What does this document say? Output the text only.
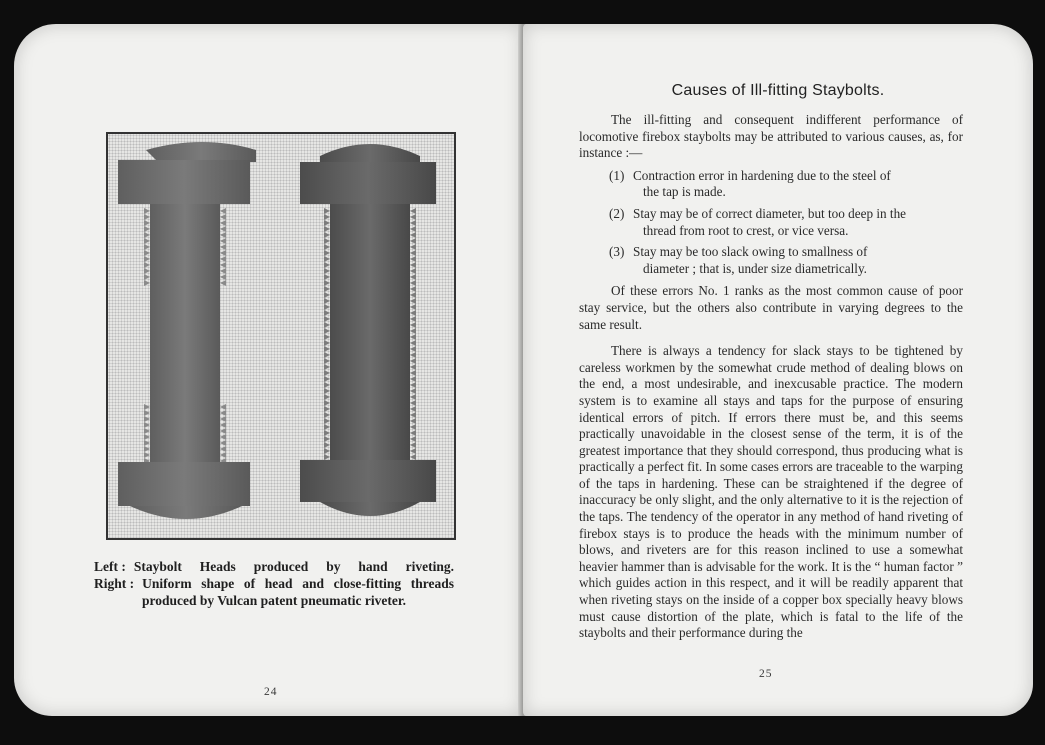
Left : Staybolt Heads produced by hand riveting.
Right : Uniform shape of head and close-fitting threads
produced by Vulcan patent pneumatic riveter.
24
Causes of Ill-fitting Staybolts.

The ill-fitting and consequent indifferent performance of locomotive firebox staybolts may be attributed to various causes, as, for instance :—

(1) Contraction error in hardening due to the steel of
the tap is made.
(2) Stay may be of correct diameter, but too deep in the
thread from root to crest, or vice versa.
(3) Stay may be too slack owing to smallness of
diameter ; that is, under size diametrically.

Of these errors No. 1 ranks as the most common cause of poor stay service, but the others also contribute in varying degrees to the same result.

There is always a tendency for slack stays to be tightened by careless workmen by the somewhat crude method of dealing blows on the end, a most undesirable, and inexcusable practice. The modern system is to examine all stays and taps for the purpose of ensuring identical errors of pitch. If errors there must be, and this seems practically unavoidable in the closest sense of the term, it is of the greatest importance that they should correspond, thus producing what is practically a perfect fit. In some cases errors are traceable to the warping of the taps in hardening. These can be straightened if the degree of inaccuracy be only slight, and the only alternative to it is the rejection of the taps. The tendency of the operator in any method of hand riveting of firebox stays is to produce the heads with the minimum number of blows, and riveters are for this reason inclined to use a somewhat heavier hammer than is advisable for the work. It is the “ human factor ” which guides action in this respect, and it will be readily apparent that when riveting stays on the inside of a copper box specially heavy blows must cause distortion of the plate, which is fatal to the life of the staybolts and their performance during the

25
